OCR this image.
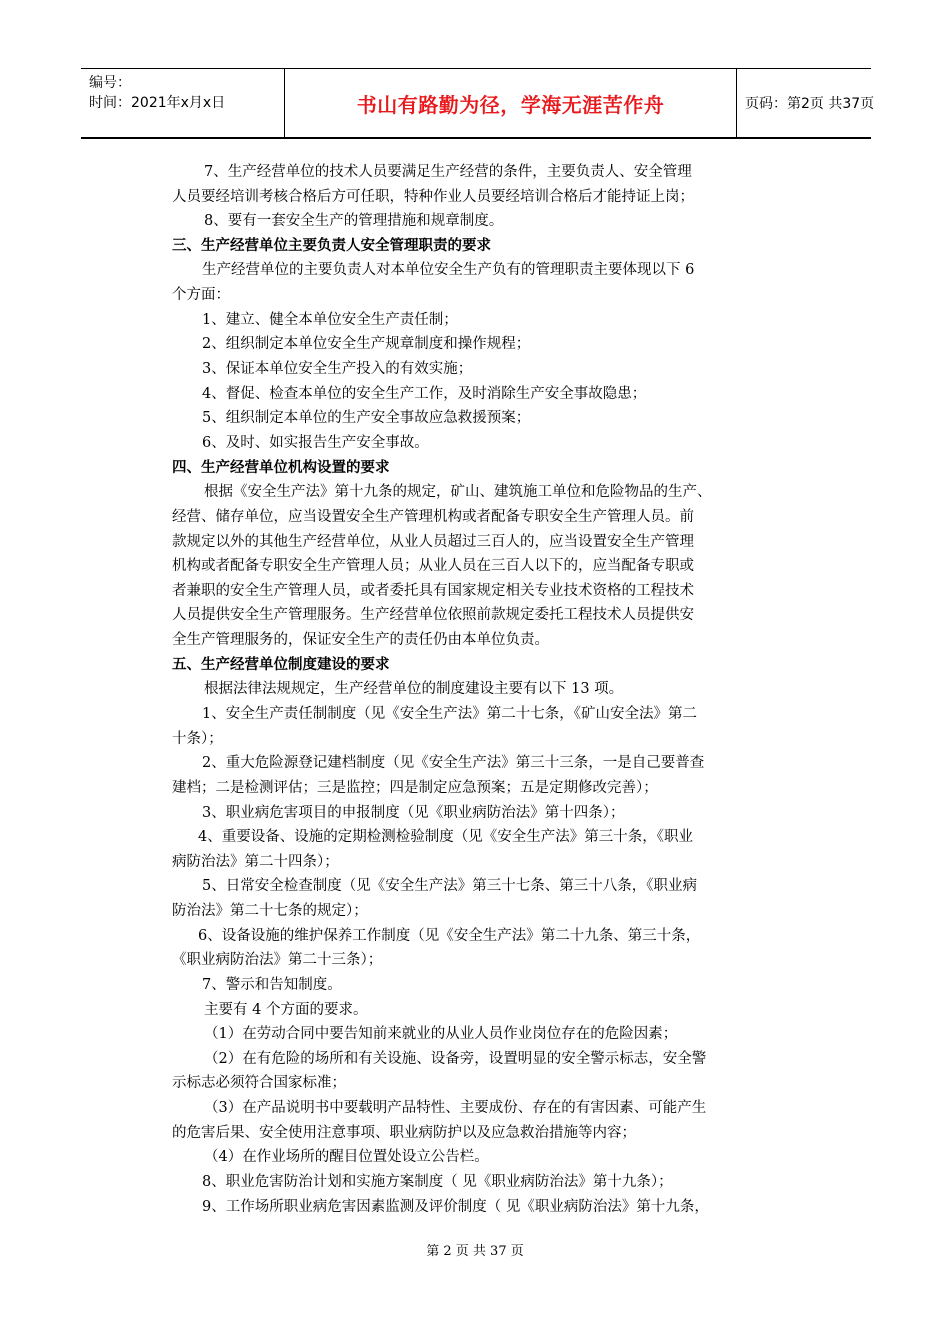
编号：
时间：2021年x月x日	书山有路勤为径，学海无涯苦作舟	页码：第2页 共37页
7、生产经营单位的技术人员要满足生产经营的条件，主要负责人、安全管理
人员要经培训考核合格后方可任职，特种作业人员要经培训合格后才能持证上岗；
8、要有一套安全生产的管理措施和规章制度。
三、生产经营单位主要负责人安全管理职责的要求
生产经营单位的主要负责人对本单位安全生产负有的管理职责主要体现以下 6
个方面：
1、建立、健全本单位安全生产责任制；
2、组织制定本单位安全生产规章制度和操作规程；
3、保证本单位安全生产投入的有效实施；
4、督促、检查本单位的安全生产工作，及时消除生产安全事故隐患；
5、组织制定本单位的生产安全事故应急救援预案；
6、及时、如实报告生产安全事故。
四、生产经营单位机构设置的要求
根据《安全生产法》第十九条的规定，矿山、建筑施工单位和危险物品的生产、
经营、储存单位，应当设置安全生产管理机构或者配备专职安全生产管理人员。前
款规定以外的其他生产经营单位，从业人员超过三百人的，应当设置安全生产管理
机构或者配备专职安全生产管理人员；从业人员在三百人以下的，应当配备专职或
者兼职的安全生产管理人员，或者委托具有国家规定相关专业技术资格的工程技术
人员提供安全生产管理服务。生产经营单位依照前款规定委托工程技术人员提供安
全生产管理服务的，保证安全生产的责任仍由本单位负责。
五、生产经营单位制度建设的要求
根据法律法规规定，生产经营单位的制度建设主要有以下 13 项。
1、安全生产责任制制度（见《安全生产法》第二十七条，《矿山安全法》第二
十条）；
2、重大危险源登记建档制度（见《安全生产法》第三十三条，一是自己要普查
建档；二是检测评估；三是监控；四是制定应急预案；五是定期修改完善）；
3、职业病危害项目的申报制度（见《职业病防治法》第十四条）；
4、重要设备、设施的定期检测检验制度（见《安全生产法》第三十条，《职业
病防治法》第二十四条）；
5、日常安全检查制度（见《安全生产法》第三十七条、第三十八条，《职业病
防治法》第二十七条的规定）；
6、设备设施的维护保养工作制度（见《安全生产法》第二十九条、第三十条，
《职业病防治法》第二十三条）；
7、警示和告知制度。
主要有 4 个方面的要求。
（1）在劳动合同中要告知前来就业的从业人员作业岗位存在的危险因素；
（2）在有危险的场所和有关设施、设备旁，设置明显的安全警示标志，安全警
示标志必须符合国家标准；
（3）在产品说明书中要载明产品特性、主要成份、存在的有害因素、可能产生
的危害后果、安全使用注意事项、职业病防护以及应急救治措施等内容；
（4）在作业场所的醒目位置处设立公告栏。
8、职业危害防治计划和实施方案制度（ 见《职业病防治法》第十九条）；
9、工作场所职业病危害因素监测及评价制度（ 见《职业病防治法》第十九条，
第 2 页 共 37 页
